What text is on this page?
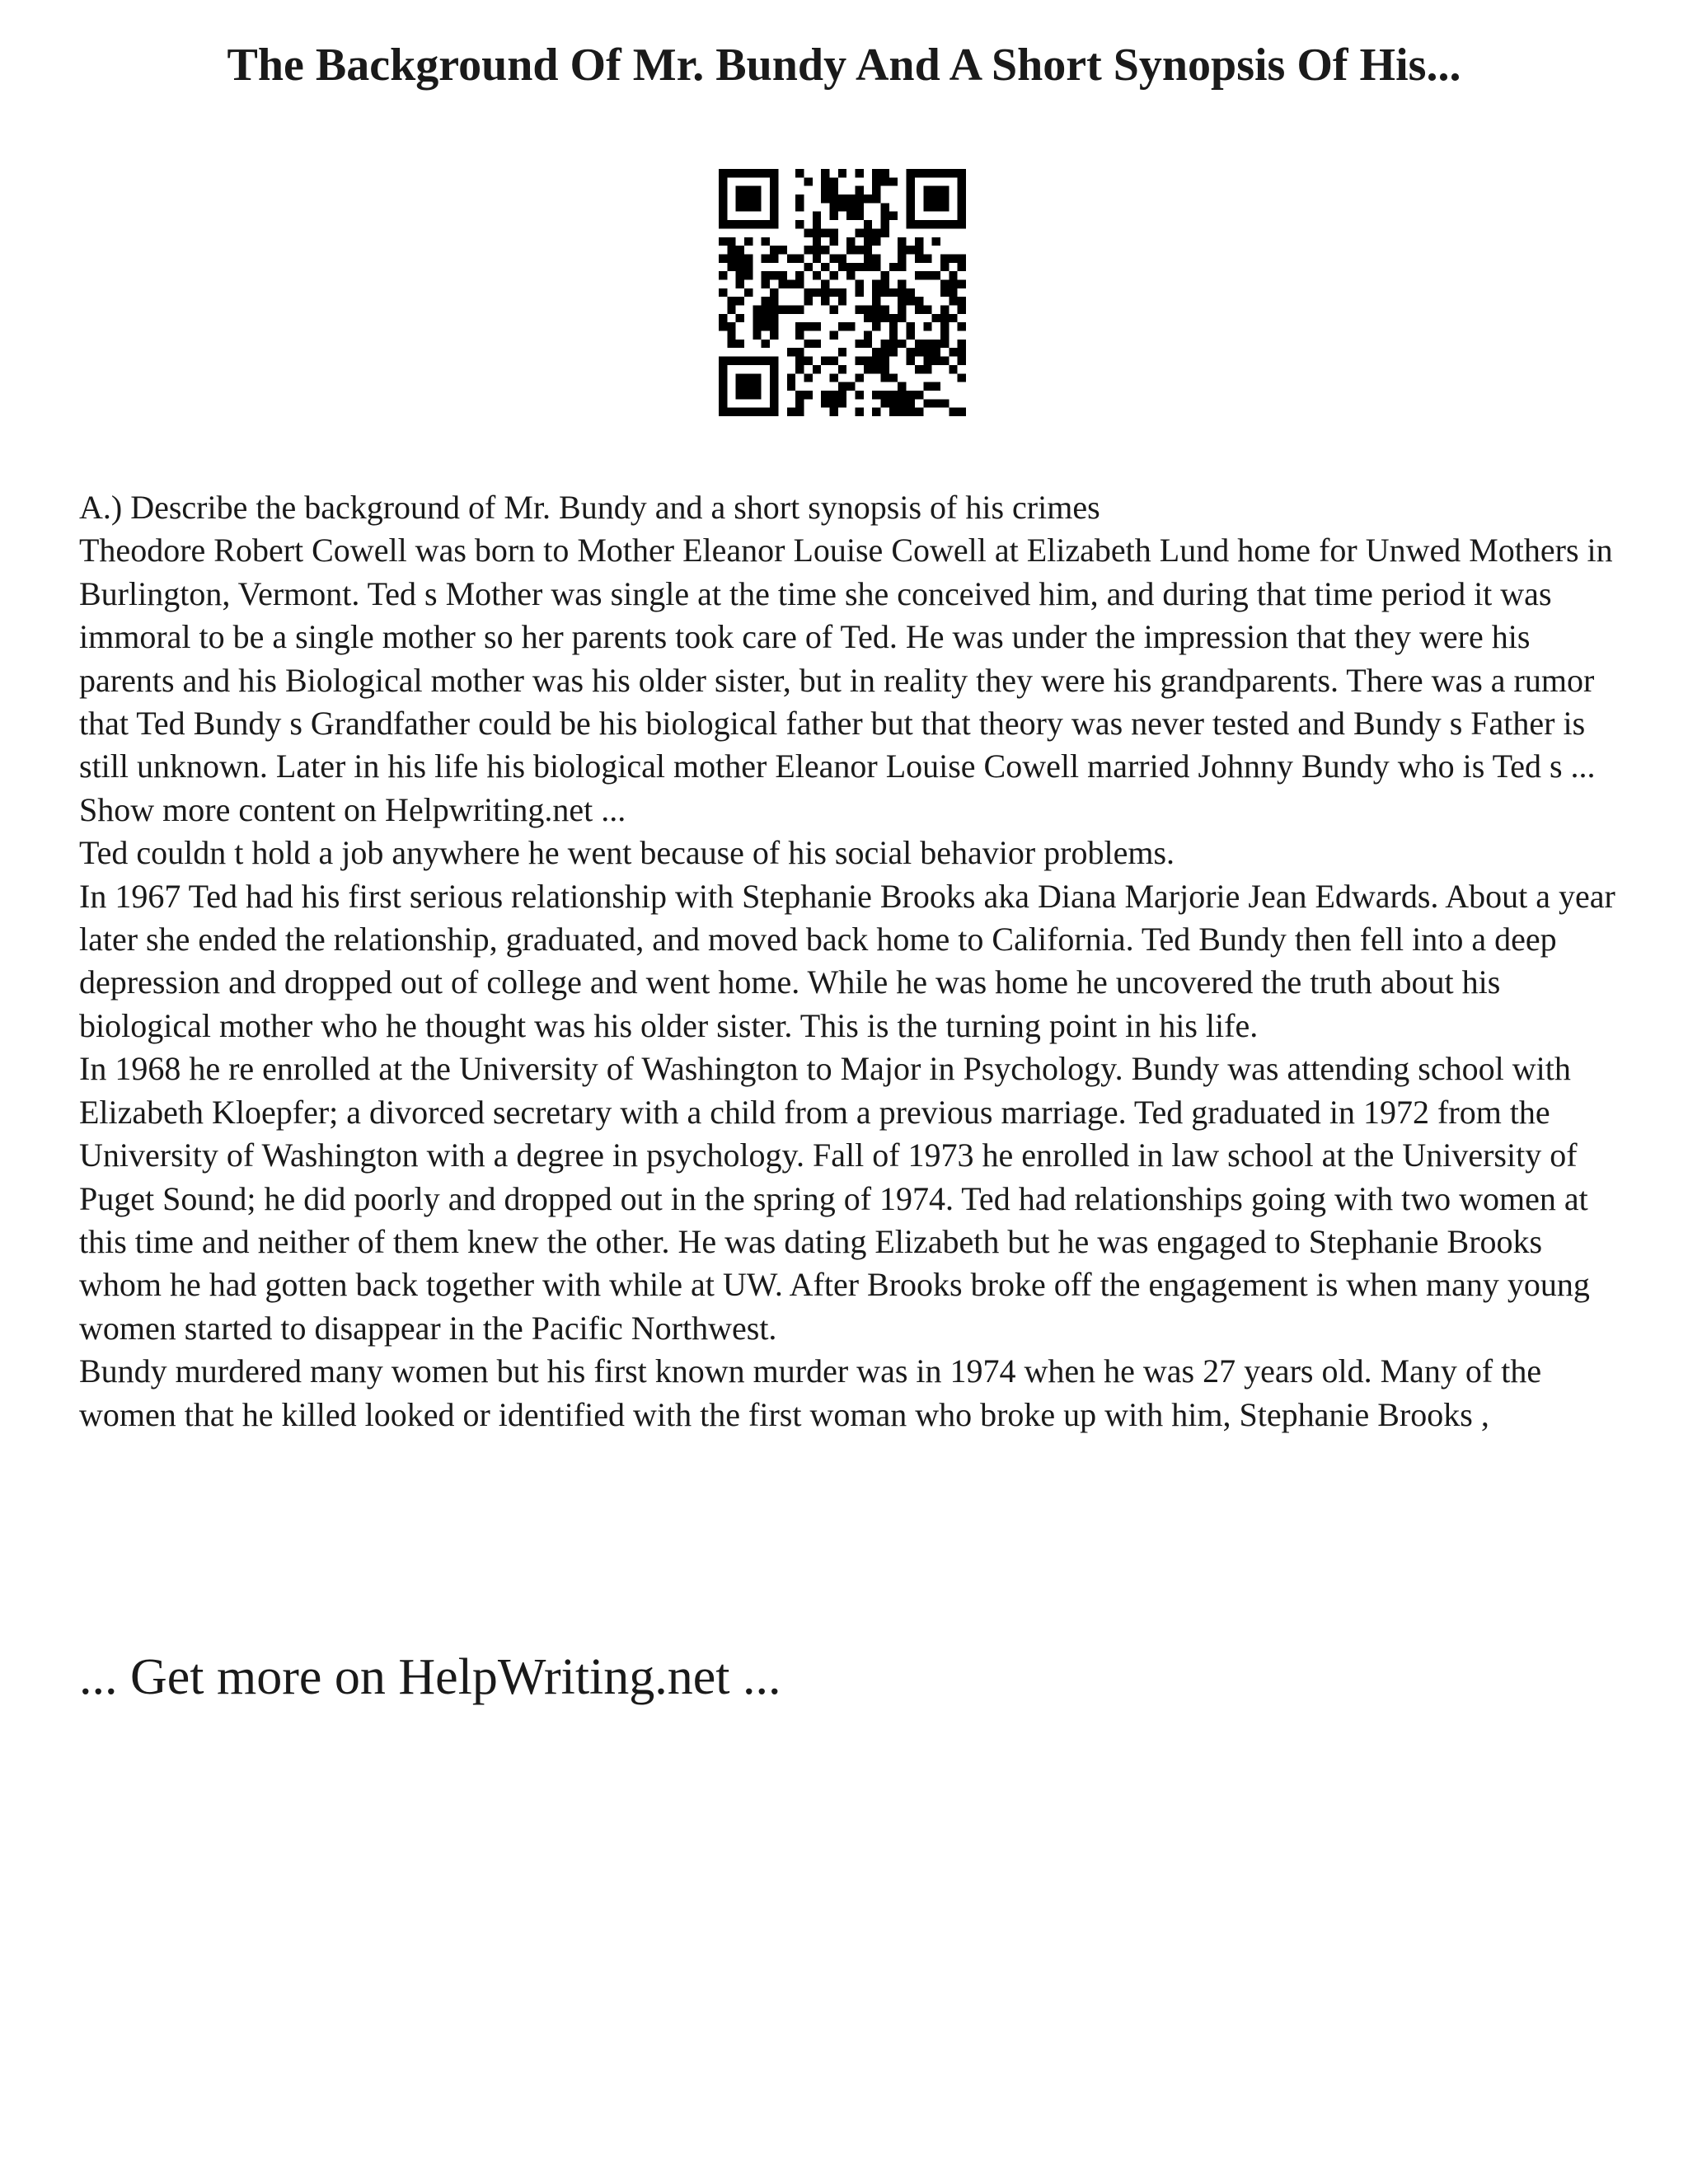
The Background Of Mr. Bundy And A Short Synopsis Of His...

A.) Describe the background of Mr. Bundy and a short synopsis of his crimes

Theodore Robert Cowell was born to Mother Eleanor Louise Cowell at Elizabeth Lund home for Unwed Mothers in Burlington, Vermont. Ted s Mother was single at the time she conceived him, and during that time period it was immoral to be a single mother so her parents took care of Ted. He was under the impression that they were his parents and his Biological mother was his older sister, but in reality they were his grandparents. There was a rumor that Ted Bundy s Grandfather could be his biological father but that theory was never tested and Bundy s Father is still unknown. Later in his life his biological mother Eleanor Louise Cowell married Johnny Bundy who is Ted s ... Show more content on Helpwriting.net ...

Ted couldn t hold a job anywhere he went because of his social behavior problems.

In 1967 Ted had his first serious relationship with Stephanie Brooks aka Diana Marjorie Jean Edwards. About a year later she ended the relationship, graduated, and moved back home to California. Ted Bundy then fell into a deep depression and dropped out of college and went home. While he was home he uncovered the truth about his biological mother who he thought was his older sister. This is the turning point in his life.

In 1968 he re enrolled at the University of Washington to Major in Psychology. Bundy was attending school with Elizabeth Kloepfer; a divorced secretary with a child from a previous marriage. Ted graduated in 1972 from the University of Washington with a degree in psychology. Fall of 1973 he enrolled in law school at the University of Puget Sound; he did poorly and dropped out in the spring of 1974. Ted had relationships going with two women at this time and neither of them knew the other. He was dating Elizabeth but he was engaged to Stephanie Brooks whom he had gotten back together with while at UW. After Brooks broke off the engagement is when many young women started to disappear in the Pacific Northwest.

Bundy murdered many women but his first known murder was in 1974 when he was 27 years old. Many of the women that he killed looked or identified with the first woman who broke up with him, Stephanie Brooks ,

... Get more on HelpWriting.net ...
